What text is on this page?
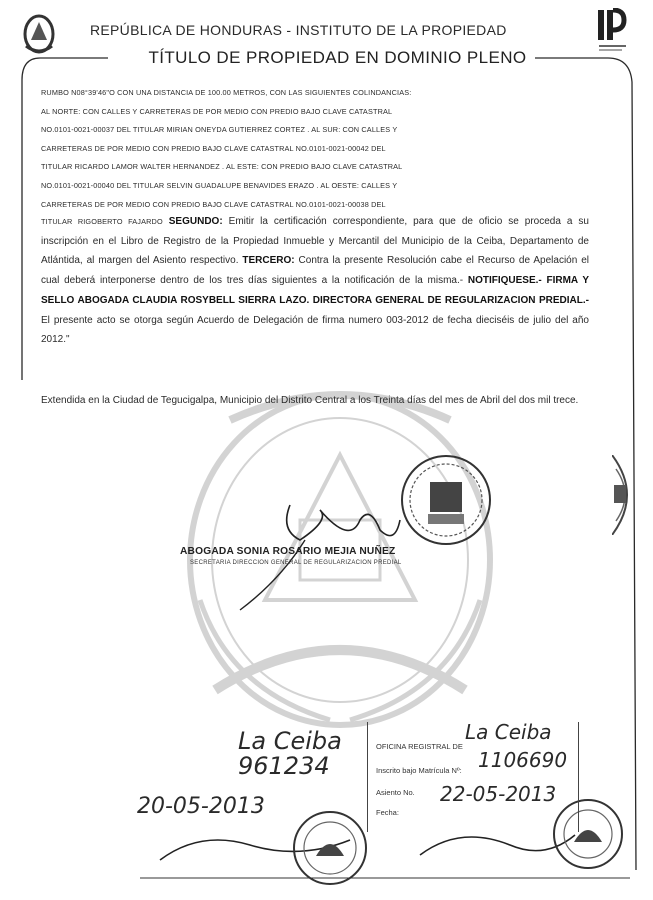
REPÚBLICA DE HONDURAS - INSTITUTO DE LA PROPIEDAD
TÍTULO DE PROPIEDAD EN DOMINIO PLENO

RUMBO N08°39'46"O CON UNA DISTANCIA DE 100.00 METROS, CON LAS SIGUIENTES COLINDANCIAS:

AL NORTE: CON CALLES Y CARRETERAS DE POR MEDIO CON PREDIO BAJO CLAVE CATASTRAL

NO.0101-0021-00037 DEL TITULAR MIRIAN ONEYDA GUTIERREZ CORTEZ . AL SUR: CON CALLES Y

CARRETERAS DE POR MEDIO CON PREDIO BAJO CLAVE CATASTRAL NO.0101-0021-00042 DEL

TITULAR RICARDO LAMOR WALTER HERNANDEZ . AL ESTE: CON PREDIO BAJO CLAVE CATASTRAL

NO.0101-0021-00040 DEL TITULAR SELVIN GUADALUPE BENAVIDES ERAZO . AL OESTE: CALLES Y

CARRETERAS DE POR MEDIO CON PREDIO BAJO CLAVE CATASTRAL NO.0101-0021-00038 DEL

TITULAR RIGOBERTO FAJARDO SEGUNDO: Emitir la certificación correspondiente, para que de oficio se proceda a su inscripción en el Libro de Registro de la Propiedad Inmueble y Mercantil del Municipio de la Ceiba, Departamento de Atlántida, al margen del Asiento respectivo. TERCERO: Contra la presente Resolución cabe el Recurso de Apelación el cual deberá interponerse dentro de los tres días siguientes a la notificación de la misma.- NOTIFIQUESE.- FIRMA Y SELLO ABOGADA CLAUDIA ROSYBELL SIERRA LAZO. DIRECTORA GENERAL DE REGULARIZACION PREDIAL.- El presente acto se otorga según Acuerdo de Delegación de firma numero 003-2012 de fecha dieciséis de julio del año 2012."
Extendida en la Ciudad de Tegucigalpa, Municipio del Distrito Central a los Treinta días del mes de Abril del dos mil trece.
ABOGADA SONIA ROSARIO MEJIA NUÑEZ
SECRETARIA DIRECCION GENERAL DE REGULARIZACION PREDIAL
La Ceiba
961234
20-05-2013
OFICINA REGISTRAL DE
Inscrito bajo Matrícula Nº:
Asiento No.
Fecha:
La Ceiba
1106690
22-05-2013
